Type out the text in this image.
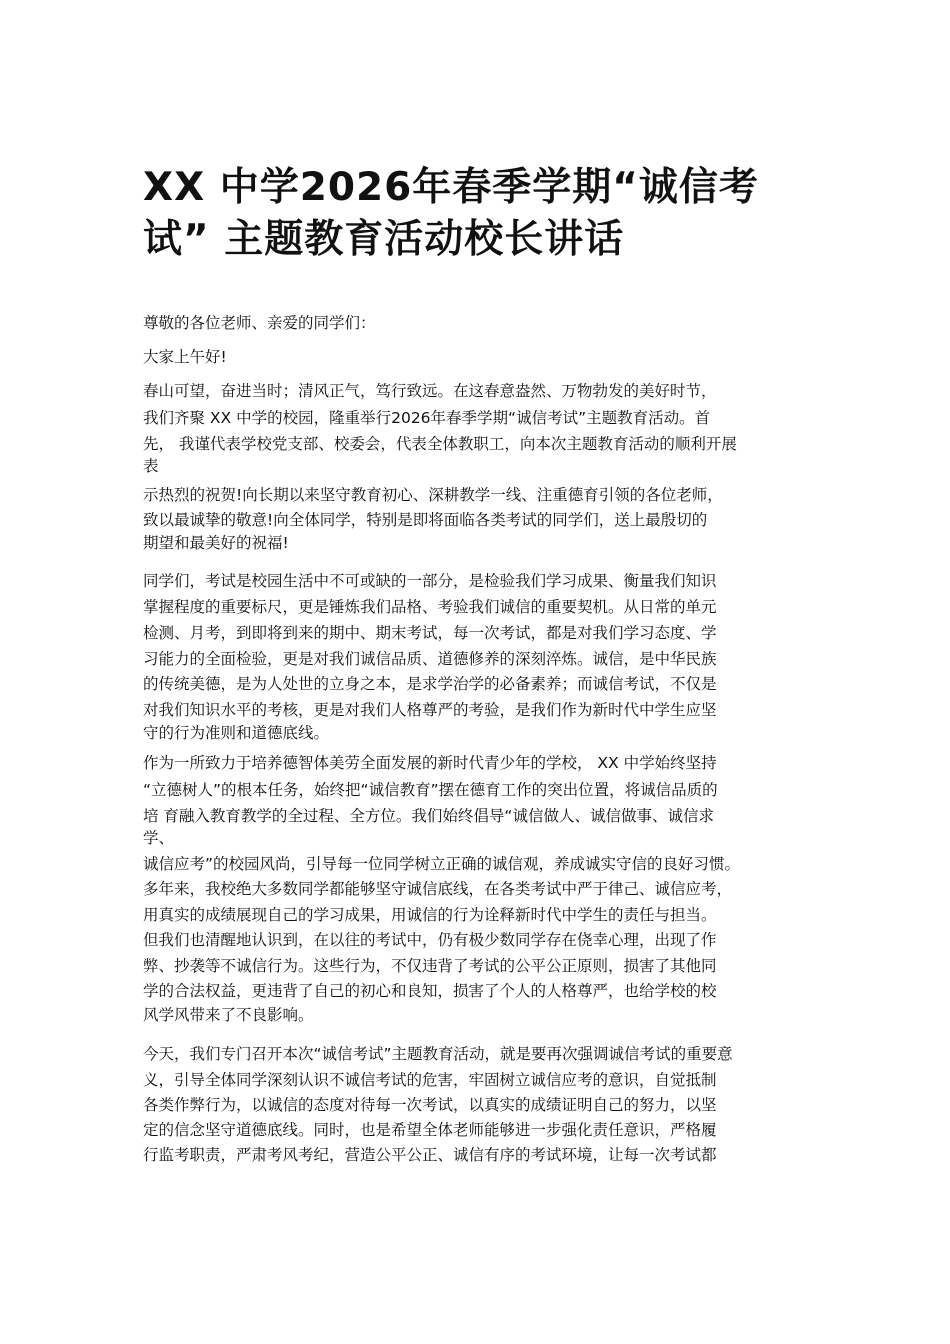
XX 中学2026年春季学期“诚信考
试” 主题教育活动校长讲话

尊敬的各位老师、亲爱的同学们：

大家上午好!

春山可望，奋进当时；清风正气，笃行致远。在这春意盎然、万物勃发的美好时节，

我们齐聚 XX 中学的校园，隆重举行2026年春季学期“诚信考试”主题教育活动。首

先， 我谨代表学校党支部、校委会，代表全体教职工，向本次主题教育活动的顺利开展

表

示热烈的祝贺!向长期以来坚守教育初心、深耕教学一线、注重德育引领的各位老师，

致以最诚挚的敬意!向全体同学，特别是即将面临各类考试的同学们，送上最殷切的

期望和最美好的祝福!

同学们，考试是校园生活中不可或缺的一部分，是检验我们学习成果、衡量我们知识

掌握程度的重要标尺，更是锤炼我们品格、考验我们诚信的重要契机。从日常的单元

检测、月考，到即将到来的期中、期末考试，每一次考试，都是对我们学习态度、学

习能力的全面检验，更是对我们诚信品质、道德修养的深刻淬炼。诚信，是中华民族

的传统美德，是为人处世的立身之本，是求学治学的必备素养；而诚信考试，不仅是

对我们知识水平的考核，更是对我们人格尊严的考验，是我们作为新时代中学生应坚

守的行为准则和道德底线。

作为一所致力于培养德智体美劳全面发展的新时代青少年的学校， XX 中学始终坚持

“立德树人”的根本任务，始终把“诚信教育”摆在德育工作的突出位置，将诚信品质的

培 育融入教育教学的全过程、全方位。我们始终倡导“诚信做人、诚信做事、诚信求

学、

诚信应考”的校园风尚，引导每一位同学树立正确的诚信观，养成诚实守信的良好习惯。

多年来，我校绝大多数同学都能够坚守诚信底线，在各类考试中严于律己、诚信应考，

用真实的成绩展现自己的学习成果，用诚信的行为诠释新时代中学生的责任与担当。

但我们也清醒地认识到，在以往的考试中，仍有极少数同学存在侥幸心理，出现了作

弊、抄袭等不诚信行为。这些行为，不仅违背了考试的公平公正原则，损害了其他同

学的合法权益，更违背了自己的初心和良知，损害了个人的人格尊严，也给学校的校

风学风带来了不良影响。

今天，我们专门召开本次“诚信考试”主题教育活动，就是要再次强调诚信考试的重要意

义，引导全体同学深刻认识不诚信考试的危害，牢固树立诚信应考的意识，自觉抵制

各类作弊行为，以诚信的态度对待每一次考试，以真实的成绩证明自己的努力，以坚

定的信念坚守道德底线。同时，也是希望全体老师能够进一步强化责任意识，严格履

行监考职责，严肃考风考纪，营造公平公正、诚信有序的考试环境，让每一次考试都
